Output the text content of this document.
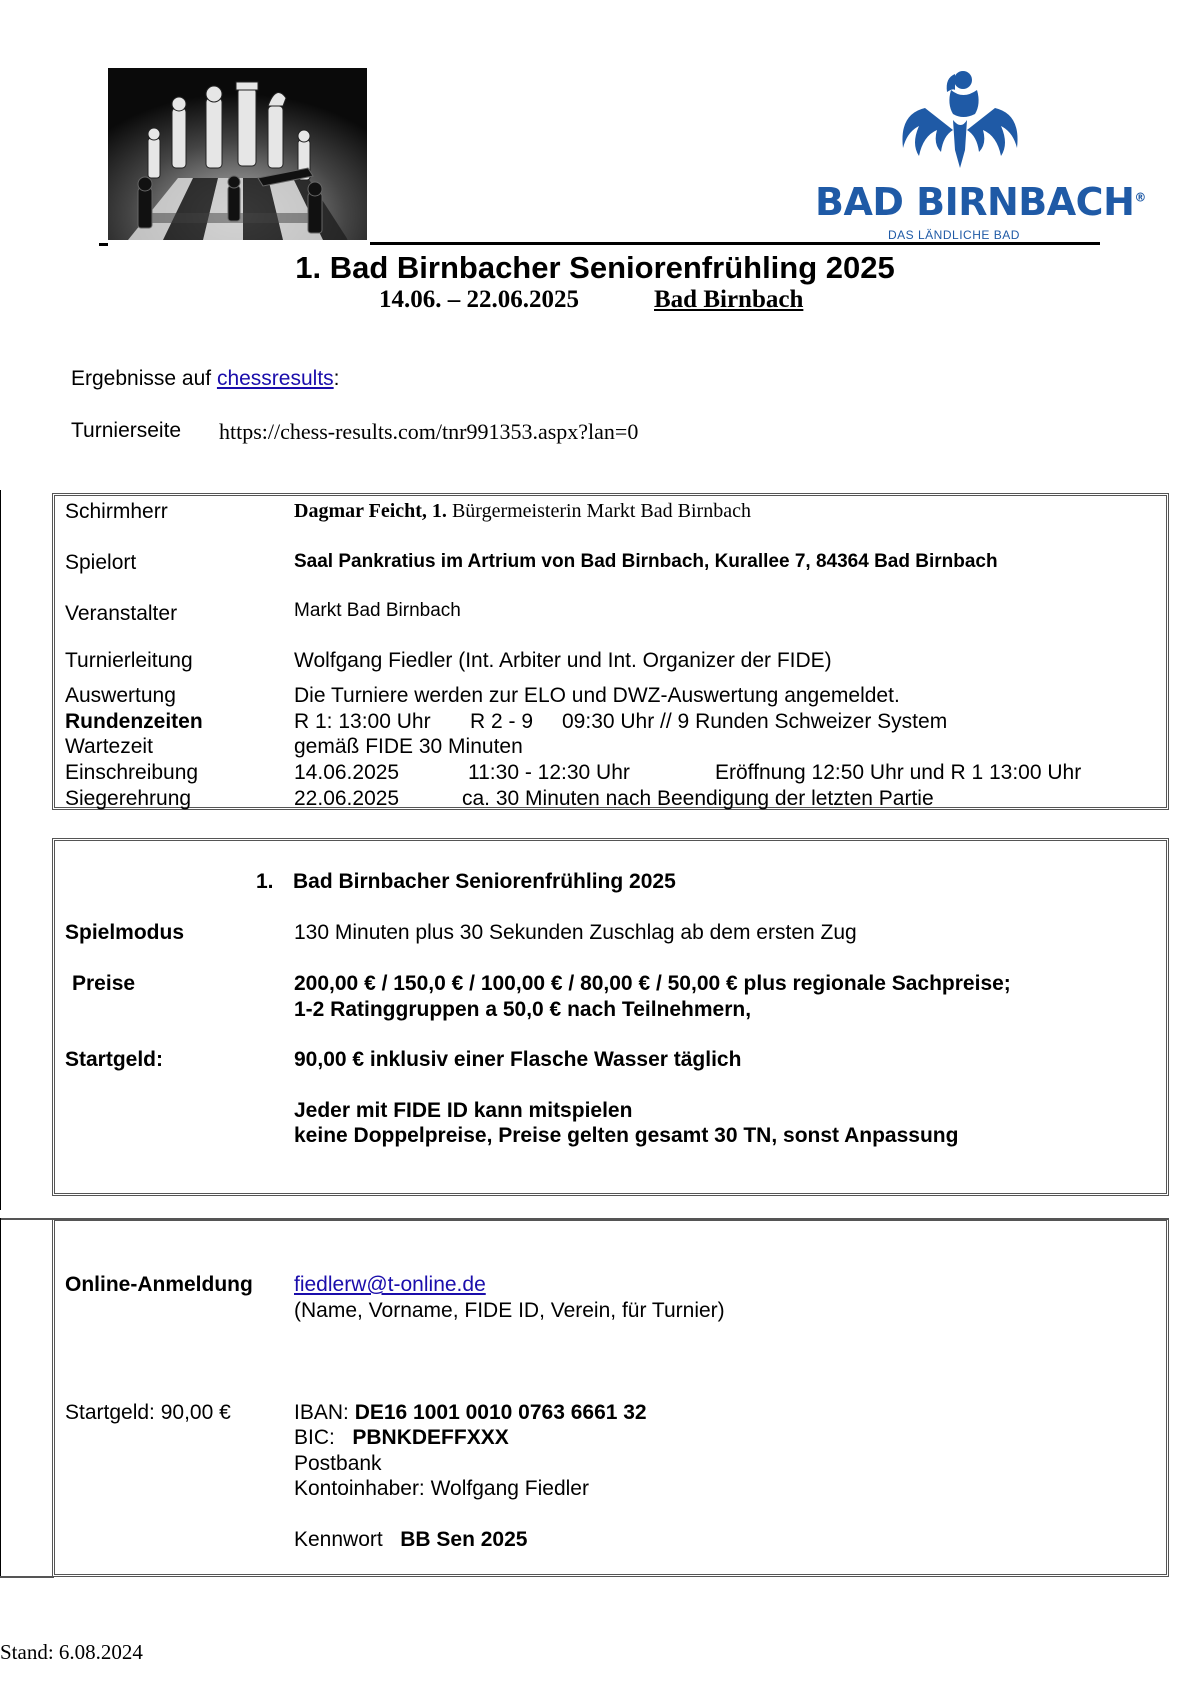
BAD BIRNBACH®
DAS LÄNDLICHE BAD
1. Bad Birnbacher Seniorenfrühling 2025
14.06. – 22.06.2025	Bad Birnbach
Ergebnisse auf chessresults:
Turnierseite https://chess-results.com/tnr991353.aspx?lan=0
Schirmherr	Dagmar Feicht, 1. Bürgermeisterin Markt Bad Birnbach
Spielort	Saal Pankratius im Artrium von Bad Birnbach, Kurallee 7, 84364 Bad Birnbach
Veranstalter	Markt Bad Birnbach
Turnierleitung	Wolfgang Fiedler (Int. Arbiter und Int. Organizer der FIDE)
Auswertung	Die Turniere werden zur ELO und DWZ-Auswertung angemeldet.
Rundenzeiten	R 1: 13:00 Uhr R 2 - 9 09:30 Uhr // 9 Runden Schweizer System
Wartezeit	gemäß FIDE 30 Minuten
Einschreibung	14.06.2025	11:30 - 12:30 Uhr	Eröffnung 12:50 Uhr und R 1 13:00 Uhr
Siegerehrung	22.06.2025	ca. 30 Minuten nach Beendigung der letzten Partie
1. Bad Birnbacher Seniorenfrühling 2025
Spielmodus	130 Minuten plus 30 Sekunden Zuschlag ab dem ersten Zug
Preise	200,00 € / 150,0 € / 100,00 € / 80,00 € / 50,00 € plus regionale Sachpreise;
1-2 Ratinggruppen a 50,0 € nach Teilnehmern,
Startgeld:	90,00 € inklusiv einer Flasche Wasser täglich
Jeder mit FIDE ID kann mitspielen
keine Doppelpreise, Preise gelten gesamt 30 TN, sonst Anpassung
Online-Anmeldung fiedlerw@t-online.de
(Name, Vorname, FIDE ID, Verein, für Turnier)
Startgeld: 90,00 €	IBAN: DE16 1001 0010 0763 6661 32
BIC:   PBNKDEFFXXX
Postbank
Kontoinhaber: Wolfgang Fiedler
Kennwort   BB Sen 2025
Stand: 6.08.2024
